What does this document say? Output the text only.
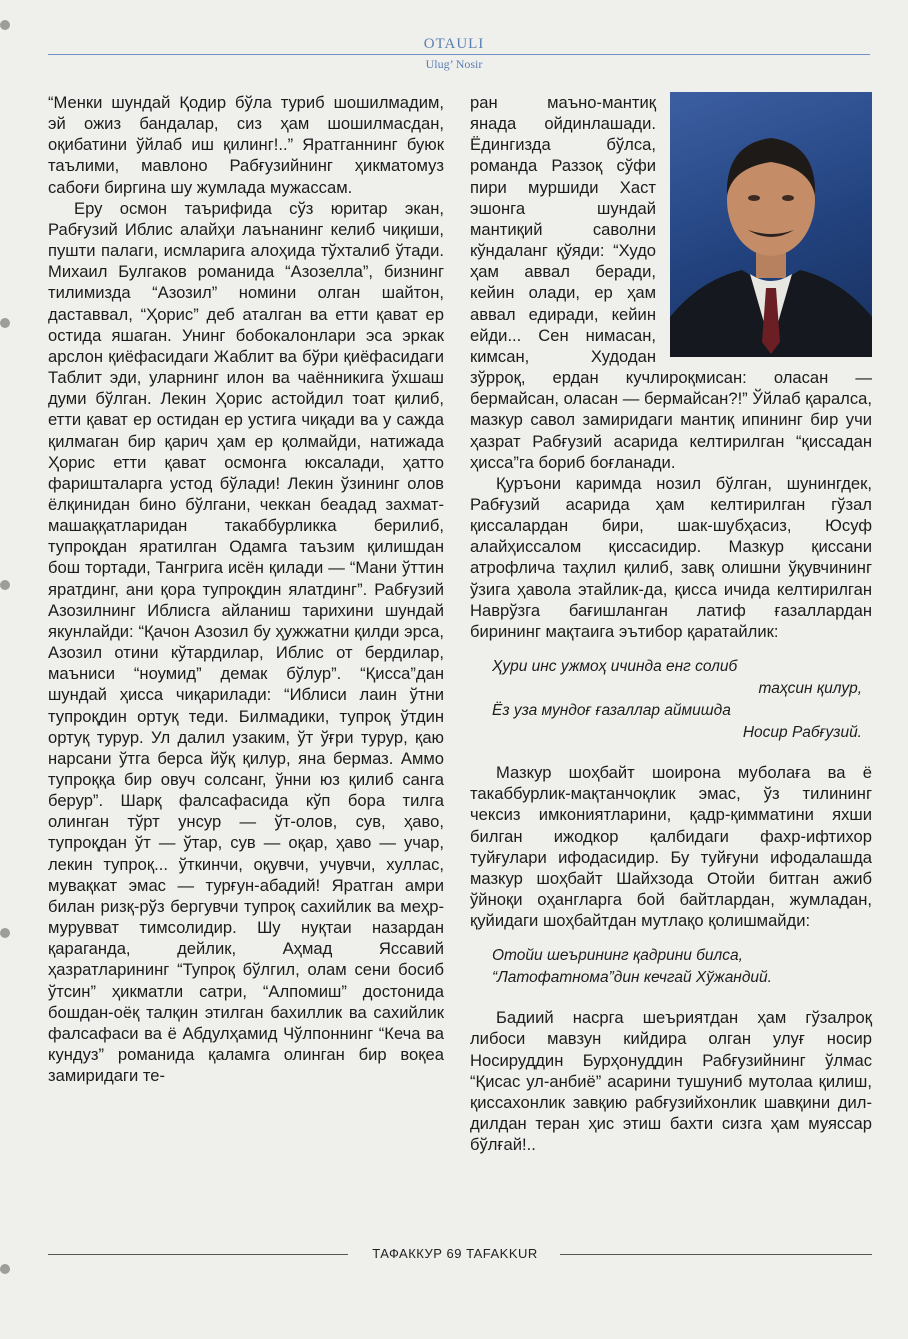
OTAULI
Ulug’ Nosir

“Менки шундай Қодир бўла туриб шошилмадим, эй ожиз бандалар, сиз ҳам шошилмасдан, оқибатини ўйлаб иш қилинг!..” Яратганнинг буюк таълими, мавлоно Рабғузийнинг ҳикматомуз сабоғи биргина шу жумлада мужассам.

Еру осмон таърифида сўз юритар экан, Рабғузий Иблис алайҳи лаънанинг келиб чиқиши, пушти палаги, исмларига алоҳида тўхталиб ўтади. Михаил Булгаков романида “Азозелла”, бизнинг тилимизда “Азозил” номини олган шайтон, даставвал, “Ҳорис” деб аталган ва етти қават ер остида яшаган. Унинг бобокалонлари эса эркак арслон қиёфасидаги Жаблит ва бўри қиёфасидаги Таблит эди, уларнинг илон ва чаённикига ўхшаш думи бўлган. Лекин Ҳорис астойдил тоат қилиб, етти қават ер остидан ер устига чиқади ва у сажда қилмаган бир қарич ҳам ер қолмайди, натижада Ҳорис етти қават осмонга юксалади, ҳатто фаришталарга устод бўлади! Лекин ўзининг олов ёлқинидан бино бўлгани, чеккан беадад захмат-машаққатларидан такаббурликка берилиб, тупроқдан яратилган Одамга таъзим қилишдан бош тортади, Тангрига исён қилади — “Мани ўттин яратдинг, ани қора тупроқдин ялатдинг”. Рабғузий Азозилнинг Иблисга айланиш тарихини шундай якунлайди: “Қачон Азозил бу ҳужжатни қилди эрса, Азозил отини кўтардилар, Иблис от бердилар, маъниси “ноумид” демак бўлур”. “Қисса”дан шундай ҳисса чиқарилади: “Иблиси лаин ўтни тупроқдин ортуқ теди. Билмадики, тупроқ ўтдин ортуқ турур. Ул далил узаким, ўт ўғри турур, қаю нарсани ўтга берса йўқ қилур, яна бермаз. Аммо тупроққа бир овуч солсанг, ўнни юз қилиб санга берур”. Шарқ фалсафасида кўп бора тилга олинган тўрт унсур — ўт-олов, сув, ҳаво, тупроқдан ўт — ўтар, сув — оқар, ҳаво — учар, лекин тупроқ... ўткинчи, оқувчи, учувчи, хуллас, мувақкат эмас — турғун-абадий! Яратган амри билан ризқ-рўз бергувчи тупроқ сахийлик ва меҳр-мурувват тимсолидир. Шу нуқтаи назардан қараганда, дейлик, Аҳмад Яссавий ҳазратларининг “Тупроқ бўлгил, олам сени босиб ўтсин” ҳикматли сатри, “Алпомиш” достонида бошдан-оёқ талқин этилган бахиллик ва сахийлик фалсафаси ва ё Абдулҳамид Чўлпоннинг “Кеча ва кундуз” романида қаламга олинган бир воқеа замиридаги те-

ран маъно-мантиқ янада ойдинлашади. Ёдингизда бўлса, романда Раззоқ сўфи пири муршиди Хаст эшонга шундай мантиқий саволни кўндаланг қўяди: “Худо ҳам аввал беради, кейин олади, ер ҳам аввал едиради, кейин ейди... Сен нимасан, кимсан, Худодан зўрроқ, ердан кучлироқмисан: оласан — бермайсан, оласан — бермайсан?!” Ўйлаб қаралса, мазкур савол замиридаги мантиқ ипининг бир учи ҳазрат Рабғузий асарида келтирилган “қиссадан ҳисса”га бориб боғланади.

Қуръони каримда нозил бўлган, шунингдек, Рабғузий асарида ҳам келтирилган гўзал қиссалардан бири, шак-шубҳасиз, Юсуф алайҳиссалом қиссасидир. Мазкур қиссани атрофлича таҳлил қилиб, завқ олишни ўқувчининг ўзига ҳавола этайлик-да, қисса ичида келтирилган Наврўзга бағишланган латиф ғазаллардан бирининг мақтаига эътибор қаратайлик:

Ҳури инс ужмоҳ ичинда енг солиб
таҳсин қилур,
Ёз уза мундоғ ғазаллар аймишда
Носир Рабғузий.

Мазкур шоҳбайт шоирона муболаға ва ё такаббурлик-мақтанчоқлик эмас, ўз тилининг чексиз имкониятларини, қадр-қимматини яхши билган ижодкор қалбидаги фахр-ифтихор туйғулари ифодасидир. Бу туйғуни ифодалашда мазкур шоҳбайт Шайхзода Отойи битган ажиб ўйноқи оҳангларга бой байтлардан, жумладан, қуйидаги шоҳбайтдан мутлақо қолишмайди:

Отойи шеърининг қадрини билса,
“Латофатнома”дин кечгай Хўжандий.

Бадиий насрга шеъриятдан ҳам гўзалроқ либоси мавзун кийдира олган улуғ носир Носируддин Бурҳонуддин Рабғузийнинг ўлмас “Қисас ул-анбиё” асарини тушуниб мутолаа қилиш, қиссахонлик завқию рабғузийхонлик шавқини дил-дилдан теран ҳис этиш бахти сизга ҳам муяссар бўлғай!..

ТАФАККУР 69 TAFAKKUR
